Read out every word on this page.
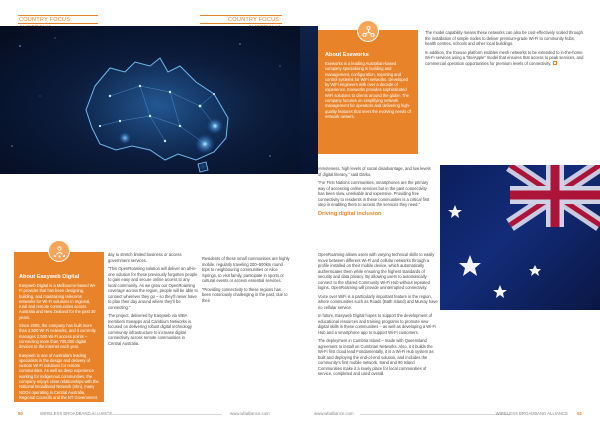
COUNTRY FOCUS:	COUNTRY FOCUS:
About Exeworks
Exeworks is a leading Australian-based company specialising in building and management, configuration, reporting and control systems for WiFi networks. Developed by WiFi engineers with over a decade of experience, Exeworks provides sophisticated WiFi solutions to clients around the globe. The company focuses on simplifying network management for operators and delivering high-quality features that meet the evolving needs of network owners.

The model capability means these networks can also be cost-effectively scaled through the installation of simple nodes to deliver premium-grade Wi-Fi to community hubs, health centres, schools and other local buildings.

In addition, the Exeuse platform enables mesh networks to be extended to in-the-home Wi-Fi services using a “lite/Apple” model that ensures that access to peak services, and commercial operation opportunities for premium levels of connectivity.

remoteness, high levels of social disadvantage, and low levels of digital literacy,” said Darko.

“For First Nations communities, smartphones are the primary way of accessing online services but in the past connectivity has been slow, unreliable and expensive. Providing free connectivity to residents in these communities is a critical first step in enabling them to access the services they need.”

Driving digital inclusion

OpenRoaming allows users with varying technical skills to easily move between different Wi-Fi and cellular networks through a profile installed on their mobile device, which automatically authenticates them while ensuring the highest standards of security and data privacy. By allowing users to automatically connect to the shared Community Wi-Fi Hub without repeated logins, OpenRoaming will provide uninterrupted connectivity.

Voice over WiFi is a particularly important feature in the region, where communities such as Roads (Bath Island) and Murray have no cellular service.

In future, Easyweb Digital hopes to support the development of educational resources and training programs to promote new digital skills in these communities – as well as developing a Wi-Fi Hub and a smartphone app to support Wi-Fi customers.

The deployment in Cumbria Island – made with Queensland agreement to install on Cumbrian Networks. Also, it it builds the Wi-Fi first cloud lead Fundamentally, it is a Wi-Fi Hub system as built and deploying the end-of-end solution, and includes the community’s first mobile network. Sand and 90 Island Communities make it a lovely place for local communities of service, completed and used overall.

About Easyweb Digital

Easyweb Digital is a Melbourne-based Wi-Fi provider that has been designing, building, and maintaining telecoms networks for Wi-Fi solutions in regional, rural and remote communities across Australia and New Zealand for the past 30 years.

Since 2005, the company has built more than 2,500 Wi-Fi networks, and it currently manages 2,500 Wi-Fi access points – connecting more than 700,000 digital devices to the internet each year.

Easyweb is one of Australia’s leading specialists in the design and delivery of custom Wi-Fi solutions for remote communities. As well as deep experience working for indigenous communities, the company enjoys close relationships with the National Broadband Network (nbn), many NGOs operating in Central Australia, Regional Councils and the NT Government.

day to stretch limited business or access government services.

“This OpenRoaming solution will deliver an all-in-one solution for these previously forgotten people to gain easy and secure online access to any local community. As we grow our OpenRoaming coverage across the region, people will be able to connect wherever they go – so they’ll never have to plan their day around where they’ll be connecting.”

The project, delivered by Easyweb via WBA members Exeapps and Cambium Networks is focused on delivering robust digital technology community infrastructure to increase digital connectivity across remote communities in Central Australia.

Residents of these small communities are highly mobile, regularly traveling 200–500km round trips to neighbouring communities or Alice Springs, to visit family, participate in sports or cultural events or access essential services.

“Providing connectivity to these regions has been notoriously challenging in the past, due to their

50	WIRELESS BROADBAND ALLIANCE	www.wballiance.com	www.wballiance.com	WIRELESS BROADBAND ALLIANCE 51
